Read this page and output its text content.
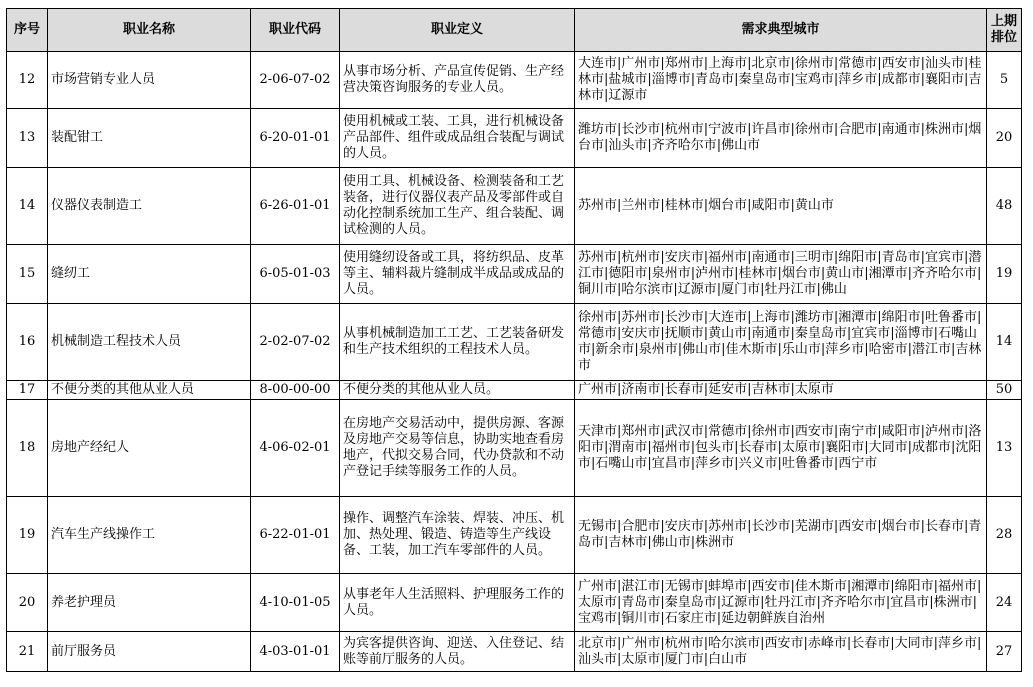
序号	职业名称	职业代码	职业定义	需求典型城市	上期排位
12	市场营销专业人员	2-06-07-02	从事市场分析、产品宣传促销、生产经营决策咨询服务的专业人员。	大连市|广州市|郑州市|上海市|北京市|徐州市|常德市|西安市|汕头市|桂林市|盐城市|淄博市|青岛市|秦皇岛市|宝鸡市|萍乡市|成都市|襄阳市|吉林市|辽源市	5
13	装配钳工	6-20-01-01	使用机械或工装、工具，进行机械设备产品部件、组件或成品组合装配与调试的人员。	潍坊市|长沙市|杭州市|宁波市|许昌市|徐州市|合肥市|南通市|株洲市|烟台市|汕头市|齐齐哈尔市|佛山市	20
14	仪器仪表制造工	6-26-01-01	使用工具、机械设备、检测装备和工艺装备，进行仪器仪表产品及零部件或自动化控制系统加工生产、组合装配、调试检测的人员。	苏州市|兰州市|桂林市|烟台市|咸阳市|黄山市	48
15	缝纫工	6-05-01-03	使用缝纫设备或工具，将纺织品、皮革等主、辅料裁片缝制成半成品或成品的人员。	苏州市|杭州市|安庆市|福州市|南通市|三明市|绵阳市|青岛市|宜宾市|潜江市|德阳市|泉州市|泸州市|桂林市|烟台市|黄山市|湘潭市|齐齐哈尔市|铜川市|哈尔滨市|辽源市|厦门市|牡丹江市|佛山	19
16	机械制造工程技术人员	2-02-07-02	从事机械制造加工工艺、工艺装备研发和生产技术组织的工程技术人员。	徐州市|苏州市|长沙市|大连市|上海市|潍坊市|湘潭市|绵阳市|吐鲁番市|常德市|安庆市|抚顺市|黄山市|南通市|秦皇岛市|宜宾市|淄博市|石嘴山市|新余市|泉州市|佛山市|佳木斯市|乐山市|萍乡市|哈密市|潜江市|吉林市	14
17	不便分类的其他从业人员	8-00-00-00	不便分类的其他从业人员。	广州市|济南市|长春市|延安市|吉林市|太原市	50
18	房地产经纪人	4-06-02-01	在房地产交易活动中，提供房源、客源及房地产交易等信息，协助实地查看房地产，代拟交易合同，代办贷款和不动产登记手续等服务工作的人员。	天津市|郑州市|武汉市|常德市|徐州市|西安市|南宁市|咸阳市|泸州市|洛阳市|渭南市|福州市|包头市|长春市|太原市|襄阳市|大同市|成都市|沈阳市|石嘴山市|宜昌市|萍乡市|兴义市|吐鲁番市|西宁市	13
19	汽车生产线操作工	6-22-01-01	操作、调整汽车涂装、焊装、冲压、机加、热处理、锻造、铸造等生产线设备、工装，加工汽车零部件的人员。	无锡市|合肥市|安庆市|苏州市|长沙市|芜湖市|西安市|烟台市|长春市|青岛市|吉林市|佛山市|株洲市	28
20	养老护理员	4-10-01-05	从事老年人生活照料、护理服务工作的人员。	广州市|湛江市|无锡市|蚌埠市|西安市|佳木斯市|湘潭市|绵阳市|福州市|太原市|青岛市|秦皇岛市|辽源市|牡丹江市|齐齐哈尔市|宜昌市|株洲市|宝鸡市|铜川市|石家庄市|延边朝鲜族自治州	24
21	前厅服务员	4-03-01-01	为宾客提供咨询、迎送、入住登记、结账等前厅服务的人员。	北京市|广州市|杭州市|哈尔滨市|西安市|赤峰市|长春市|大同市|萍乡市|汕头市|太原市|厦门市|白山市	27
